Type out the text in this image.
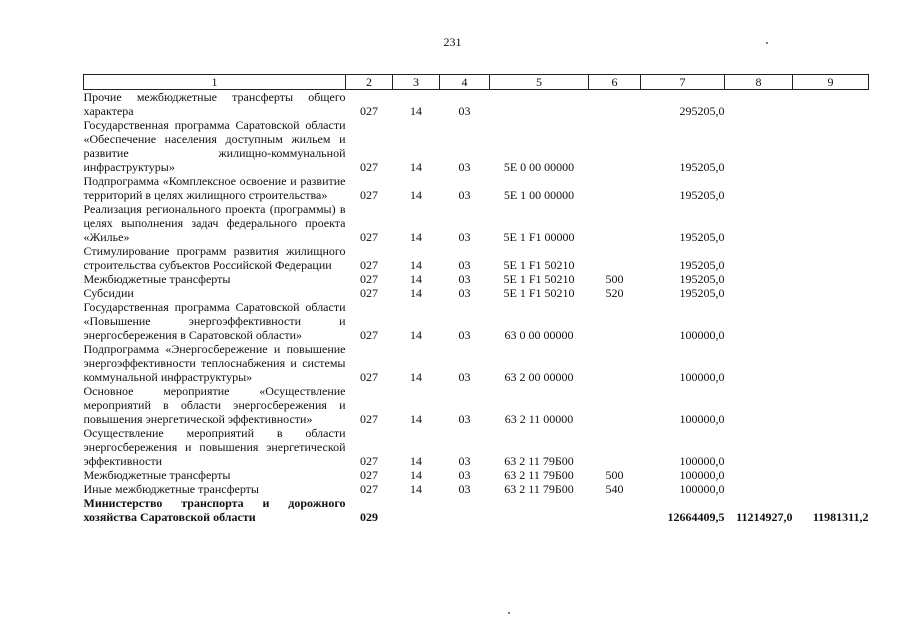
231
1	2	3	4	5	6	7	8	9
Прочие межбюджетные трансферты общего характера	027	14	03			295205,0		
Государственная программа Саратовской области «Обеспечение населения доступным жильем и развитие жилищно-коммунальной инфраструктуры»	027	14	03	5Е 0 00 00000		195205,0		
Подпрограмма «Комплексное освоение и развитие территорий в целях жилищного строительства»	027	14	03	5Е 1 00 00000		195205,0		
Реализация регионального проекта (программы) в целях выполнения задач федерального проекта «Жилье»	027	14	03	5Е 1 F1 00000		195205,0		
Стимулирование программ развития жилищного строительства субъектов Российской Федерации	027	14	03	5Е 1 F1 50210		195205,0		
Межбюджетные трансферты	027	14	03	5Е 1 F1 50210	500	195205,0		
Субсидии	027	14	03	5Е 1 F1 50210	520	195205,0		
Государственная программа Саратовской области «Повышение энергоэффективности и энергосбережения в Саратовской области»	027	14	03	63 0 00 00000		100000,0		
Подпрограмма «Энергосбережение и повышение энергоэффективности теплоснабжения и системы коммунальной инфраструктуры»	027	14	03	63 2 00 00000		100000,0		
Основное мероприятие «Осуществление мероприятий в области энергосбережения и повышения энергетической эффективности»	027	14	03	63 2 11 00000		100000,0		
Осуществление мероприятий в области энергосбережения и повышения энергетической эффективности	027	14	03	63 2 11 79Б00		100000,0		
Межбюджетные трансферты	027	14	03	63 2 11 79Б00	500	100000,0		
Иные межбюджетные трансферты	027	14	03	63 2 11 79Б00	540	100000,0		
Министерство транспорта и дорожного хозяйства Саратовской области	029					12664409,5	11214927,0	11981311,2
